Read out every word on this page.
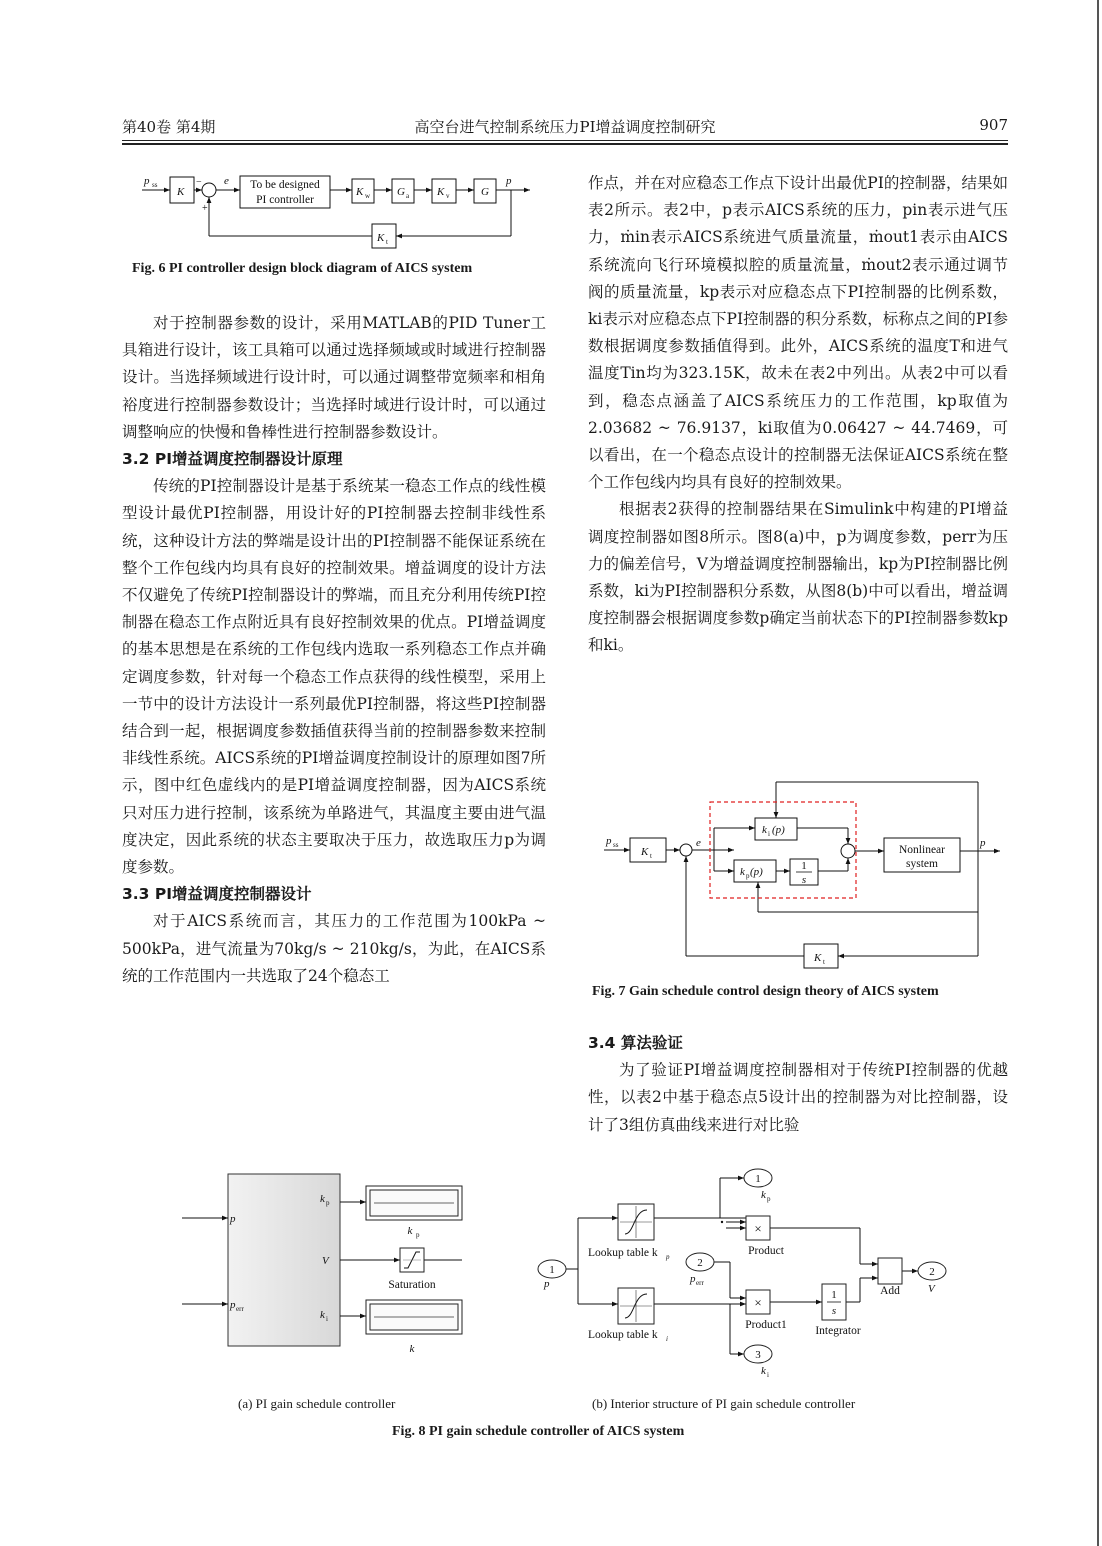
第40卷 第4期	高空台进气控制系统压力PI增益调度控制研究	907
p ss
K
−
+
e To be designed
PI controller
K w G a	K v	G
p
K t
Fig. 6 PI controller design block diagram of AICS system

对于控制器参数的设计，采用MATLAB的PID Tuner工具箱进行设计，该工具箱可以通过选择频域或时域进行控制器设计。当选择频域进行设计时，可以通过调整带宽频率和相角裕度进行控制器参数设计；当选择时域进行设计时，可以通过调整响应的快慢和鲁棒性进行控制器参数设计。

3.2 PI增益调度控制器设计原理

传统的PI控制器设计是基于系统某一稳态工作点的线性模型设计最优PI控制器，用设计好的PI控制器去控制非线性系统，这种设计方法的弊端是设计出的PI控制器不能保证系统在整个工作包线内均具有良好的控制效果。增益调度的设计方法不仅避免了传统PI控制器设计的弊端，而且充分利用传统PI控制器在稳态工作点附近具有良好控制效果的优点。PI增益调度的基本思想是在系统的工作包线内选取一系列稳态工作点并确定调度参数，针对每一个稳态工作点获得的线性模型，采用上一节中的设计方法设计一系列最优PI控制器，将这些PI控制器结合到一起，根据调度参数插值获得当前的控制器参数来控制非线性系统。AICS系统的PI增益调度控制设计的原理如图7所示，图中红色虚线内的是PI增益调度控制器，因为AICS系统只对压力进行控制，该系统为单路进气，其温度主要由进气温度决定，因此系统的状态主要取决于压力，故选取压力p为调度参数。

3.3 PI增益调度控制器设计

对于AICS系统而言，其压力的工作范围为100kPa ~ 500kPa，进气流量为70kg/s ~ 210kg/s，为此，在AICS系统的工作范围内一共选取了24个稳态工

作点，并在对应稳态工作点下设计出最优PI的控制器，结果如表2所示。表2中，p表示AICS系统的压力，pin表示进气压力，ṁin表示AICS系统进气质量流量，ṁout1表示由AICS系统流向飞行环境模拟腔的质量流量，ṁout2表示通过调节阀的质量流量，kp表示对应稳态点下PI控制器的比例系数，ki表示对应稳态点下PI控制器的积分系数，标称点之间的PI参数根据调度参数插值得到。此外，AICS系统的温度T和进气温度Tin均为323.15K，故未在表2中列出。从表2中可以看到，稳态点涵盖了AICS系统压力的工作范围，kp取值为2.03682 ~ 76.9137，ki取值为0.06427 ~ 44.7469，可以看出，在一个稳态点设计的控制器无法保证AICS系统在整个工作包线内均具有良好的控制效果。

根据表2获得的控制器结果在Simulink中构建的PI增益调度控制器如图8所示。图8(a)中，p为调度参数，perr为压力的偏差信号，V为增益调度控制器输出，kp为PI控制器比例系数，ki为PI控制器积分系数，从图8(b)中可以看出，增益调度控制器会根据调度参数p确定当前状态下的PI控制器参数kp和ki。

p ss
K t
e
k i (p)
k p (p)	1
s
Nonlinear
system
p
K t
Fig. 7 Gain schedule control design theory of AICS system
3.4 算法验证

为了验证PI增益调度控制器相对于传统PI控制器的优越性，以表2中基于稳态点5设计出的控制器为对比控制器，设计了3组仿真曲线来进行对比验

p
p err
k p
V
k i
k p
Saturation
k
1
p
2
p err
1
k p
2
V
3
k i
Lookup table k p
Lookup table k i
×
×
Product
Product1
1
s
Integrator
Add
(a) PI gain schedule controller	(b) Interior structure of PI gain schedule controller
Fig. 8 PI gain schedule controller of AICS system
